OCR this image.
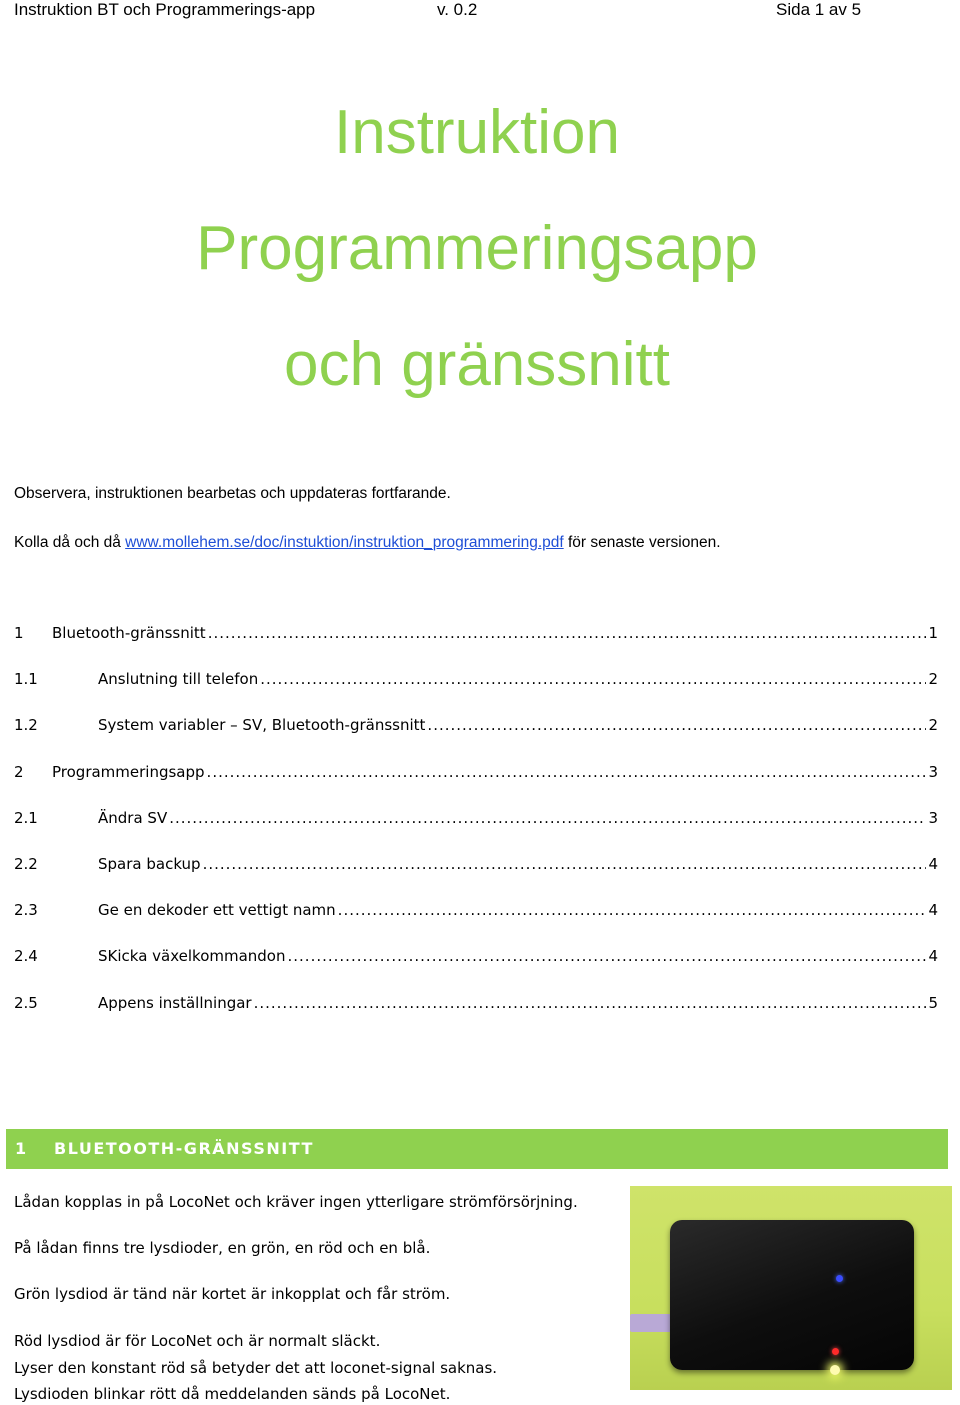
Instruktion BT och Programmerings-app	v. 0.2	Sida 1 av 5
Instruktion
Programmeringsapp
och gränssnitt
Observera, instruktionen bearbetas och uppdateras fortfarande.
Kolla då och då www.mollehem.se/doc/instuktion/instruktion_programmering.pdf för senaste versionen.
1	Bluetooth-gränssnitt .....	1
1.1	Anslutning till telefon .....	2
1.2	System variabler – SV, Bluetooth-gränssnitt .....	2
2	Programmeringsapp .....	3
2.1	Ändra SV .....	3
2.2	Spara backup .....	4
2.3	Ge en dekoder ett vettigt namn .....	4
2.4	SKicka växelkommandon .....	4
2.5	Appens inställningar .....	5
1 BLUETOOTH-GRÄNSSNITT
Lådan kopplas in på LocoNet och kräver ingen ytterligare strömförsörjning.
På lådan finns tre lysdioder, en grön, en röd och en blå.
Grön lysdiod är tänd när kortet är inkopplat och får ström.
Röd lysdiod är för LocoNet och är normalt släckt.
Lyser den konstant röd så betyder det att loconet-signal saknas.
Lysdioden blinkar rött då meddelanden sänds på LocoNet.
